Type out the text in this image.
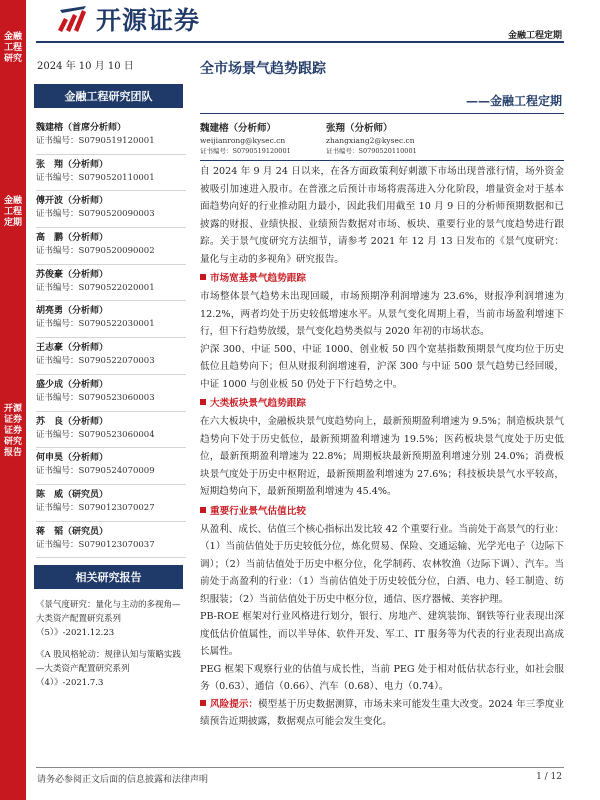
金融工程研究
金融工程定期
开源证券 证券研究报告
开源证券
金融工程定期
2024 年 10 月 10 日	全市场景气趋势跟踪
——金融工程定期
金融工程研究团队
魏建榕（首席分析师）
证书编号：S0790519120001
张　翔（分析师）
证书编号：S0790520110001
傅开波（分析师）
证书编号：S0790520090003
高　鹏（分析师）
证书编号：S0790520090002
苏俊豪（分析师）
证书编号：S0790522020001
胡亮勇（分析师）
证书编号：S0790522030001
王志豪（分析师）
证书编号：S0790522070003
盛少成（分析师）
证书编号：S0790523060003
苏　良（分析师）
证书编号：S0790523060004
何申昊（分析师）
证书编号：S0790524070009
陈　威（研究员）
证书编号：S0790123070027
蒋　韬（研究员）
证书编号：S0790123070037
相关研究报告
《景气度研究：量化与主动的多视角—大类资产配置研究系列（5）》-2021.12.23
《A 股风格轮动：规律认知与策略实践—大类资产配置研究系列（4）》-2021.7.3
魏建榕（分析师）
weijianrong@kysec.cn
证书编号：S0790519120001
张翔（分析师）
zhangxiang2@kysec.cn
证书编号：S0790520110001

自 2024 年 9 月 24 日以来，在各方面政策利好刺激下市场出现普涨行情，场外资金被吸引加速进入股市。在普涨之后预计市场将震荡进入分化阶段，增量资金对于基本面趋势向好的行业推动阻力最小，因此我们用截至 10 月 9 日的分析师预期数据和已披露的财报、业绩快报、业绩预告数据对市场、板块、重要行业的景气度趋势进行跟踪。关于景气度研究方法细节，请参考 2021 年 12 月 13 日发布的《景气度研究：量化与主动的多视角》研究报告。

市场宽基景气趋势跟踪

市场整体景气趋势未出现回暖，市场预期净利润增速为 23.6%，财报净利润增速为 12.2%，两者均处于历史较低增速水平。从景气变化周期上看，当前市场盈利增速下行，但下行趋势放缓，景气变化趋势类似与 2020 年初的市场状态。

沪深 300、中证 500、中证 1000、创业板 50 四个宽基指数预期景气度均位于历史低位且趋势向下；但从财报利润增速看，沪深 300 与中证 500 景气趋势已经回暖，中证 1000 与创业板 50 仍处于下行趋势之中。

大类板块景气趋势跟踪

在六大板块中，金融板块景气度趋势向上，最新预期盈利增速为 9.5%；制造板块景气趋势向下处于历史低位，最新预期盈利增速为 19.5%；医药板块景气度处于历史低位，最新预期盈利增速为 22.8%；周期板块最新预期盈利增速分别 24.0%；消费板块景气度处于历史中枢附近，最新预期盈利增速为 27.6%；科技板块景气水平较高，短期趋势向下，最新预期盈利增速为 45.4%。

重要行业景气估值比较

从盈利、成长、估值三个核心指标出发比较 42 个重要行业。当前处于高景气的行业：（1）当前估值处于历史较低分位，炼化贸易、保险、交通运输、光学光电子（边际下调）；（2）当前估值处于历史中枢分位，化学制药、农林牧渔（边际下调）、汽车。当前处于高盈利的行业：（1）当前估值处于历史较低分位，白酒、电力、轻工制造、纺织服装；（2）当前估值处于历史中枢分位，通信、医疗器械、美容护理。

PB-ROE 框架对行业风格进行划分，银行、房地产、建筑装饰、钢铁等行业表现出深度低估价值属性，而以半导体、软件开发、军工、IT 服务等为代表的行业表现出高成长属性。

PEG 框架下观察行业的估值与成长性，当前 PEG 处于相对低估状态行业，如社会服务（0.63）、通信（0.66）、汽车（0.68）、电力（0.74）。

风险提示：模型基于历史数据测算，市场未来可能发生重大改变。2024 年三季度业绩预告近期披露，数据观点可能会发生变化。

请务必参阅正文后面的信息披露和法律声明	1 / 12
